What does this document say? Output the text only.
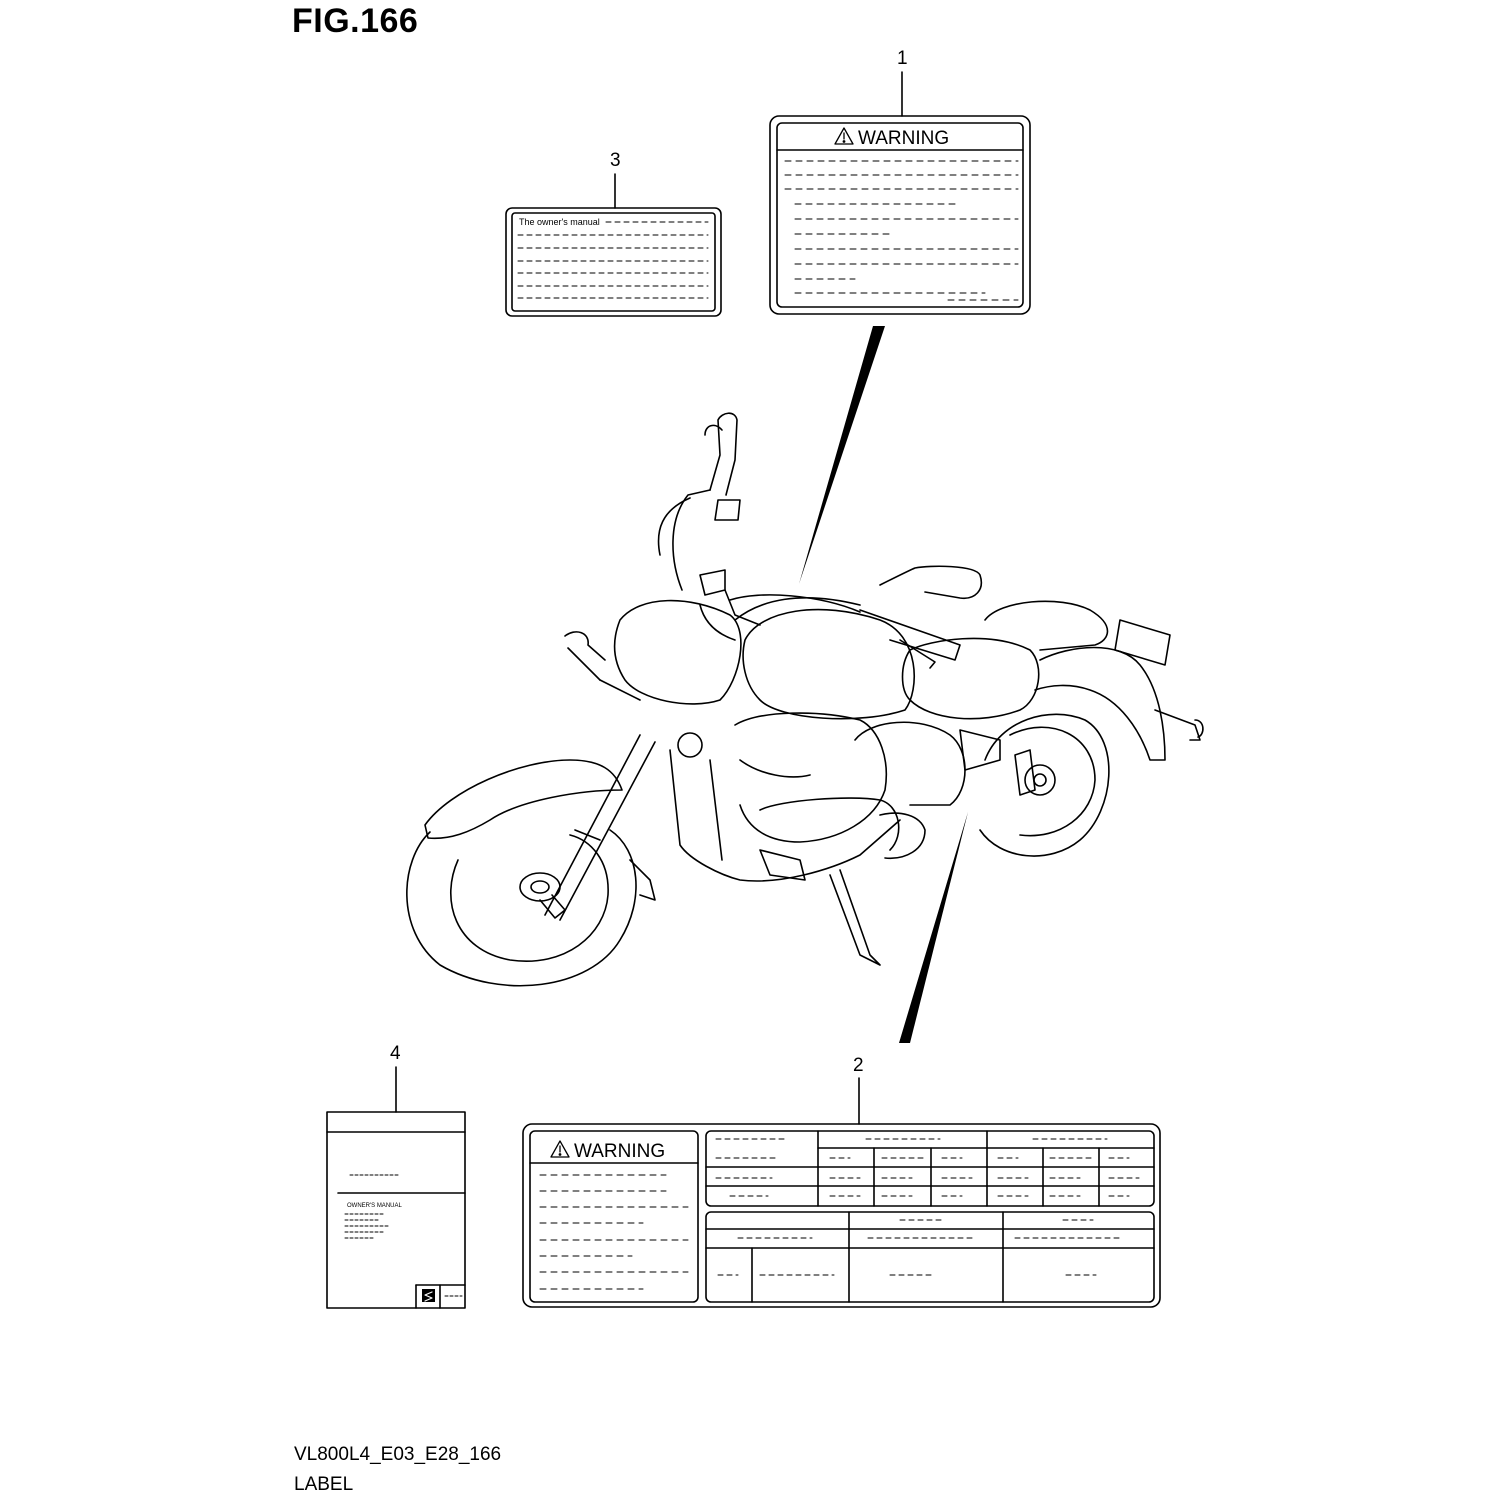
FIG.166
1
3
4
2
WARNING
The owner's manual
WARNING
OWNER'S MANUAL
VL800L4_E03_E28_166
LABEL
